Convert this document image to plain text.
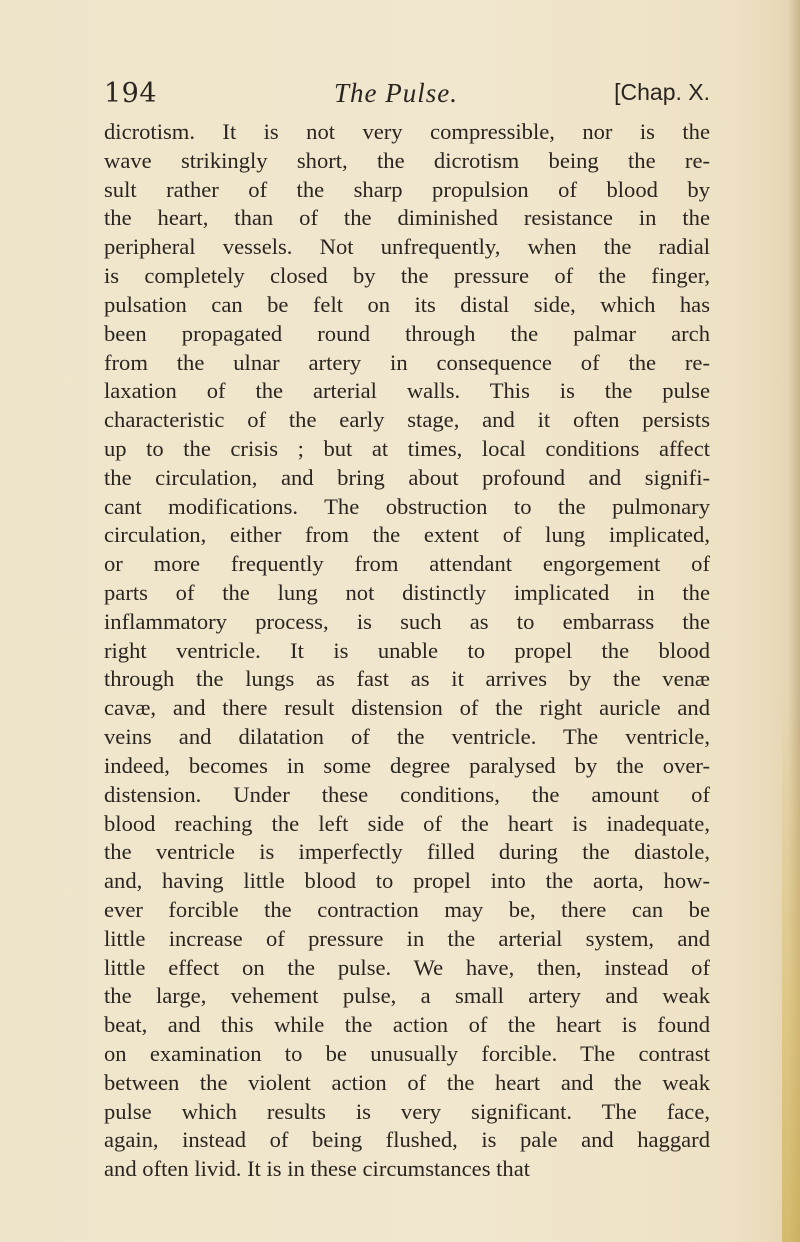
194	The Pulse.	[Chap. X.
dicrotism. It is not very compressible, nor is the
wave strikingly short, the dicrotism being the re-
sult rather of the sharp propulsion of blood by
the heart, than of the diminished resistance in the
peripheral vessels. Not unfrequently, when the radial
is completely closed by the pressure of the finger,
pulsation can be felt on its distal side, which has
been propagated round through the palmar arch
from the ulnar artery in consequence of the re-
laxation of the arterial walls. This is the pulse
characteristic of the early stage, and it often persists
up to the crisis ; but at times, local conditions affect
the circulation, and bring about profound and signifi-
cant modifications. The obstruction to the pulmonary
circulation, either from the extent of lung implicated,
or more frequently from attendant engorgement of
parts of the lung not distinctly implicated in the
inflammatory process, is such as to embarrass the
right ventricle. It is unable to propel the blood
through the lungs as fast as it arrives by the venæ
cavæ, and there result distension of the right auricle and
veins and dilatation of the ventricle. The ventricle,
indeed, becomes in some degree paralysed by the over-
distension. Under these conditions, the amount of
blood reaching the left side of the heart is inadequate,
the ventricle is imperfectly filled during the diastole,
and, having little blood to propel into the aorta, how-
ever forcible the contraction may be, there can be
little increase of pressure in the arterial system, and
little effect on the pulse. We have, then, instead of
the large, vehement pulse, a small artery and weak
beat, and this while the action of the heart is found
on examination to be unusually forcible. The contrast
between the violent action of the heart and the weak
pulse which results is very significant. The face,
again, instead of being flushed, is pale and haggard
and often livid. It is in these circumstances that
